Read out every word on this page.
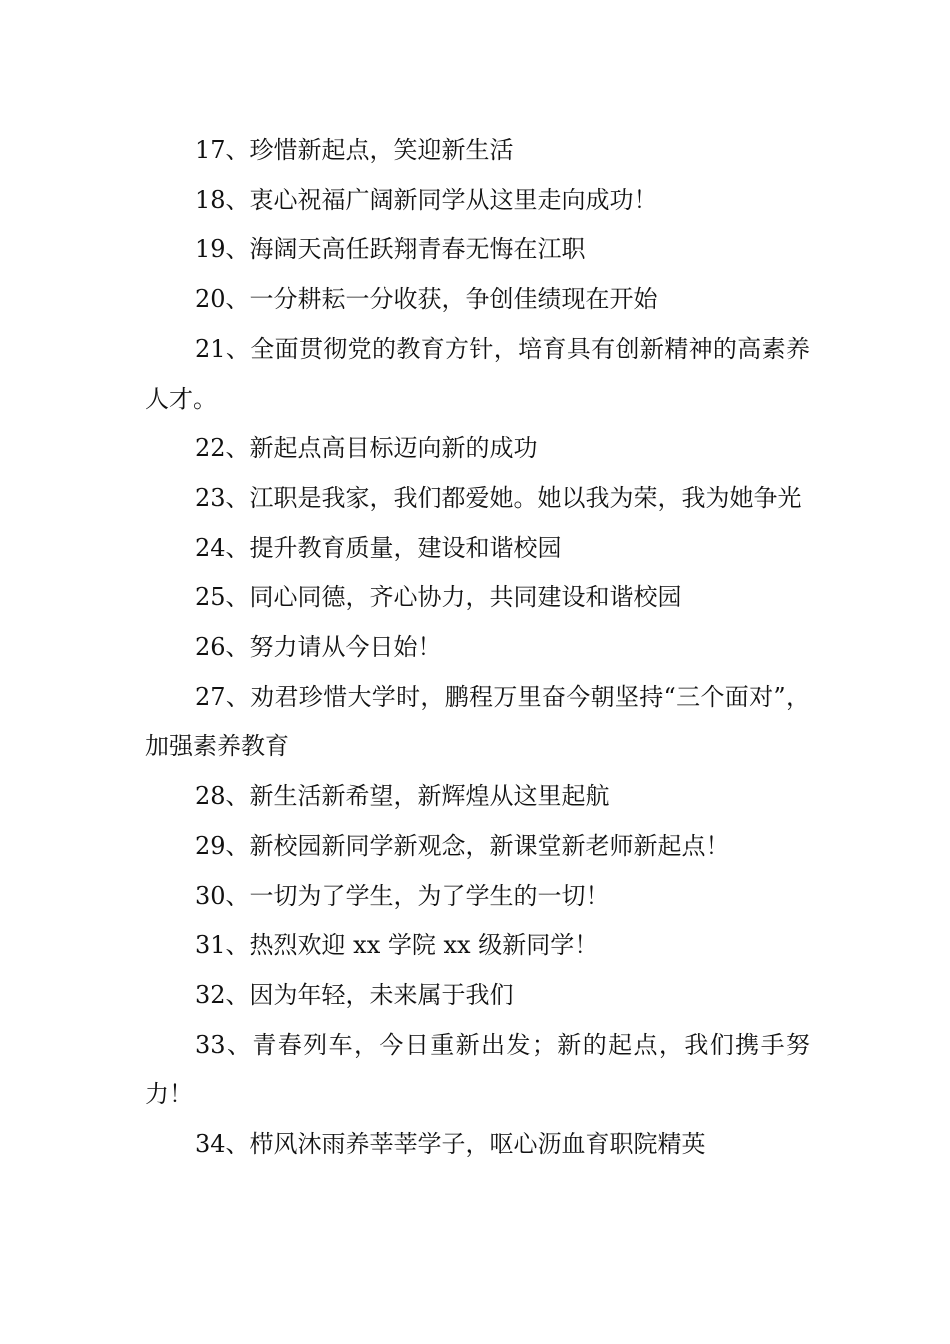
17、珍惜新起点，笑迎新生活

18、衷心祝福广阔新同学从这里走向成功！

19、海阔天高任跃翔青春无悔在江职

20、一分耕耘一分收获，争创佳绩现在开始

21、全面贯彻党的教育方针，培育具有创新精神的高素养人才。

22、新起点高目标迈向新的成功

23、江职是我家，我们都爱她。她以我为荣，我为她争光

24、提升教育质量，建设和谐校园

25、同心同德，齐心协力，共同建设和谐校园

26、努力请从今日始！

27、劝君珍惜大学时，鹏程万里奋今朝坚持“三个面对”，加强素养教育

28、新生活新希望，新辉煌从这里起航

29、新校园新同学新观念，新课堂新老师新起点！

30、一切为了学生，为了学生的一切！

31、热烈欢迎 xx 学院 xx 级新同学！

32、因为年轻，未来属于我们

33、青春列车，今日重新出发；新的起点，我们携手努力！

34、栉风沐雨养莘莘学子，呕心沥血育职院精英
